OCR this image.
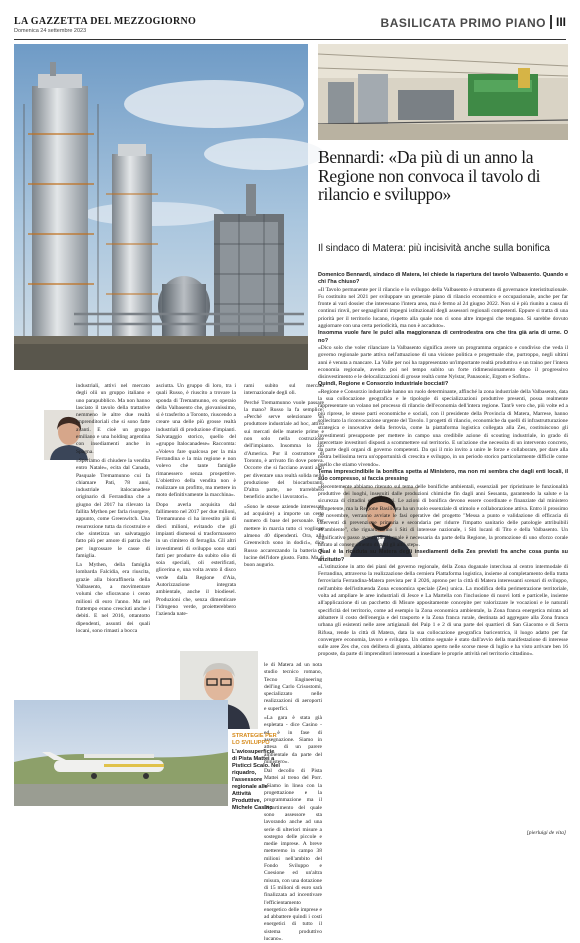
LA GAZZETTA DEL MEZZOGIORNO
Domenica 24 settembre 2023
BASILICATA PRIMO PIANO III
Bennardi: «Da più di un anno la Regione non convoca il tavolo di rilancio e sviluppo»
Il sindaco di Matera: più incisività anche sulla bonifica

industriali, attivi nel mercato degli olii un gruppo italiano e uno parapubblico. Ma non hanno lasciato il tavolo della trattative nemmeno le altre due realtà imprenditoriali che si sono fatte avanti. E cioè un gruppo emiliano e una holding argentina con insediamenti anche in Spagna.

«Speriamo di chiudere la vendita entro Natale», ecita dal Canada, Pasquale Tremamunno cui fa chiamare Pati, 78 anni, industriale italocanadese originario di Ferrandina che a giugno del 2017 ha rilevato la fallita Mythen per farla risorgere, appunto, come Greenwitch. Una resurrezione tutta da ricostruire e che sintetizza un salvataggio fatto più per amore di patria che per ingrossare le casse di famiglia.

La Mythen, della famiglia lombarda Falcidia, era riuscita, grazie alla bioraffineria della Valbasento, a movimentare volumi che sfioravano i cento milioni di euro l'anno. Ma nel frattempo erano cresciuti anche i debiti. E nel 2016, ottantotto dipendenti, assunti dei quali locani, sono rimasti a bocca

asciutta. Un gruppo di loro, tra i quali Russo, è riuscito a trovare la sponda di Tremamunno, ex operaio della Valbasento che, giovanissimo, si è trasferito a Toronto, riuscendo a creare una delle più grosse realtà industriali di produzione d'impianti. Salvataggio storico, quello del «gruppo Italocanadese» Raccomta: «Volevo fare qualcosa per la mia Ferrandina e la mia regione e non volevo che tante famiglie rimanessero senza prospettive. L'obiettivo della vendita non è realizzare un profitto, ma mettere in moto definitivamente la macchina».

Dopo averla acquisita dal fallimento nel 2017 per due milioni, Tremamunno ci ha investito più di dieci milioni, evitando che gli impianti dismessi si trasformassero in un cimitero di ferraglia. Gli altri investimenti di sviluppo sono stati fatti per produrre da subito olio di soia speciali, oli esterificati, glicerina e, una volta avuto il disco verde dalla Regione d'Aia, Autorizzazione integrata ambientale, anche il biodiesel. Produzioni che, senza dimenticare l'idrogeno verde, proietterebbero l'azienda nate-

rami subito sul mercato internazionale degli oli.

Perché Tremamunno vuole passare la mano? Russo la fa semplice: «Perché serve selezionare un produttore industriale ad hoc, attivo sui mercati delle materie prime e non solo nella costruzione dell'impianto. Insomma lo zio d'America. Pur il costruttore di Toronto, è arrivato fin dove poteva. Occorre che si facciano avanti altri per diventare una realtà solida nella produzione del biocarburanti. D'altra parte, ne trarrebbero beneficio anche i lavoratori».

«Sono le stesse aziende interessate ad acquisire) a importe un certo numero di base del personale. Per mettere in marcia tutto ci vogliono almeno 40 dipendenti. Ora, alla Greenwitch sono in dodici», dice Russo accarezzando la batteria di lucine dell'idore giusto. Fatto. Ma di buon augurio.

Domenico Bennardi, sindaco di Matera, lei chiede la riapertura del tavolo Valbasento. Quando e chi l'ha chiuso?

«Il Tavolo permanente per il rilancio e lo sviluppo della Valbasento è strumento di governance interistituzionale. Fu costituito nel 2021 per sviluppare un generale piano di rilancio economico e occupazionale, anche per far fronte ai vari dossier che interessano l'intera area, ma è fermo al 24 giugno 2022. Non si è più riunito a causa di continui rinvii, per segnagliunti impegni istituzionali degli assessori regionali competenti. Eppure si tratta di una priorità per il territorio lucano, rispetto alla quale non ci sono altre impegni che tengano. Si sarebbe dovuto aggiornare con una certa periodicità, ma non è accaduto».

Insomma vuole fare le pulci alla maggioranza di centrodestra ora che tira già aria di urne. O no?

«Dico solo che voler rilanciare la Valbasento significa avere un programma organico e condiviso che veda il governo regionale parte attiva nell'attuazione di una visione politica e progettuale che, purtroppo, negli ultimi anni è venuta a mancare. La Valle per noi ha rappresentato un'importante realtà produttiva e un traino per l'intera economia regionale, avendo poi nel tempo subito un forte ridimensionamento dopo il progressivo disinvestimento e le delocalizzazioni di grosse realtà come Nylstar, Panasonic, Ergom e Sofim».

Quindi, Regione e Consorzio industriale bocciati?

«Regione e Consorzio industriale hanno un ruolo determinante, affinché la zona industriale della Valbasento, data la sua collocazione geografica e le tipologie di specializzazioni produttive presenti, possa realmente rappresentare un volano nel processo di rilancio dell'economia dell'intera regione. Tant'è vero che, più volte ed a più riprese, le stesse parti economiche e sociali, con il presidente della Provincia di Matera, Marrese, hanno sollecitato la riconvocazione urgente del Tavolo. I progetti di rilancio, economiche da quelli di infrastrutturazione strategica e innovative della ferrovia, come la piattaforma logistica collegata alla Zes, costituiscono gli investimenti presupposte per mettere in campo una credibile azione di scouting industriale, in grado di intercettare investitori disposti a scommettere sul territorio. E un'azione che necessita di un intervento concreto, da parte degli organi di governo competenti. Da qui il mio invito a unire le forze e collaborare, per dare alla nostra bellissima terra un'opportunità di crescita e sviluppo, in un periodo storico particolarmente difficile come quello che stiamo vivendo».

Tema imprescindibile la bonifica spetta al Ministero, ma non mi sembra che dagli enti locali, il suo compresso, si faccia pressing

«Recentemente abbiamo ritenuto sul tema delle bonifiche ambientali, essenziali per ripristinare le funzionalità produttive dei luoghi, inseguiti dalle produzioni chimiche fin dagli anni Sessanta, garantendo la salute e la sicurezza di cittadini e lavoratori. Le azioni di bonifica devono essere coordinate e finanziate dal ministero competente, ma la Regione Basilicata ha un ruolo essenziale di stimolo e collaborazione attiva. Entro il prossimo 30 novembre, verranno avviate le fasi operative del progetto "Messa a punto e validazione di efficacia di interventi di prevenzione primaria e secondaria per ridurre l'impatto sanitario delle patologie attribuibili all'ambiente", che riguarderanno i Siti di interesse nazionale, i Siti lucani di Tito e della Valbasento. Un significativo passo avanti, per il quale è necessaria da parte della Regione, la promozione di uno sforzo corale mirato al conseguimento di tutti gli altri step».

Qual è la ricaduta su Matera degli insediamenti della Zes previsti fra anche cosa punta su anzitutto?

«L'istituzione in atto dei piani del governo regionale, della Zona doganale interclusa al centro intermodale di Ferrandina, attraverso la realizzazione della cerniera Piattaforma logistica, insieme al completamento della tratta ferroviaria Ferrandina-Matera prevista per il 2026, aprono per la città di Matera interessanti scenari di sviluppo, nell'ambito dell'istituenda Zona economica speciale (Zes) unica. La modifica della perimetrazione territoriale, volta ad ampliare le aree industriali di Jesce e La Martella con l'inclusione di nuovi lotti e particelle, insieme all'applicazione di un pacchetto di Misure appositamente concepite per valorizzare le vocazioni e le naturali specificità del territorio, come ad esempio la Zona economica ambientale, la Zona franca energetica mirata ad abbattere il costo dell'energia e del trasporto e la Zona franca rurale, destinata ad aggregare alla Zona franca urbana gli esistenti nelle aree artigianali del Paip 1 e 2 di una parte dei quartieri di San Giacomo e di Serra Rifusa, rende la città di Matera, data la sua collocazione geografica baricentrica, il luogo adatto per far convergere economia, lavoro e sviluppo. Un ottimo segnale è stato dall'avvio della manifestazione di interesse sulle aree Zes che, con delibera di giunta, abbiamo aperto nelle scorse mese di luglio e ha visto arrivare ben 16 proposte, da parte di imprenditori interessati a insediare le proprie attività nel territorio cittadino».

le di Matera ad un nota studio tecnico romano, Tecno Engineering dell'ing Carlo Crisostomi, specializzato nelle realizzazioni di aeroporti e superfici.

«La gara è stata già espletata - dice Casino - ed è in fase di assegnazione. Siamo in attesa di un parere ambientale da parte del ministero».

Dal decollo di Pista Mattei al treno del Porr. «Siamo in linea con la progettazione e la programmazione ma il Dipartimento del quale sono assessore sta lavorando anche ad una serie di ulteriori misure a sostegno delle piccole e medie imprese. A breve metteremo in campo 38 milioni nell'ambito del Fondo Sviluppo e Coesione ed un'altra misura, con una dotazione di 15 milioni di euro sarà finalizzata ad incentivare l'efficientamento energetico delle imprese e ad abbattere quindi i costi energetici di tutto il sistema produttivo lucano».

STRATEGIE PER LO SVILUPPO
L'aviosuperficie di Pista Mattei a Pisticci Scalo. Nel riquadro, l'assessore regionale alle Attività Produttive, Michele Casino
[pierluigi de vita]
